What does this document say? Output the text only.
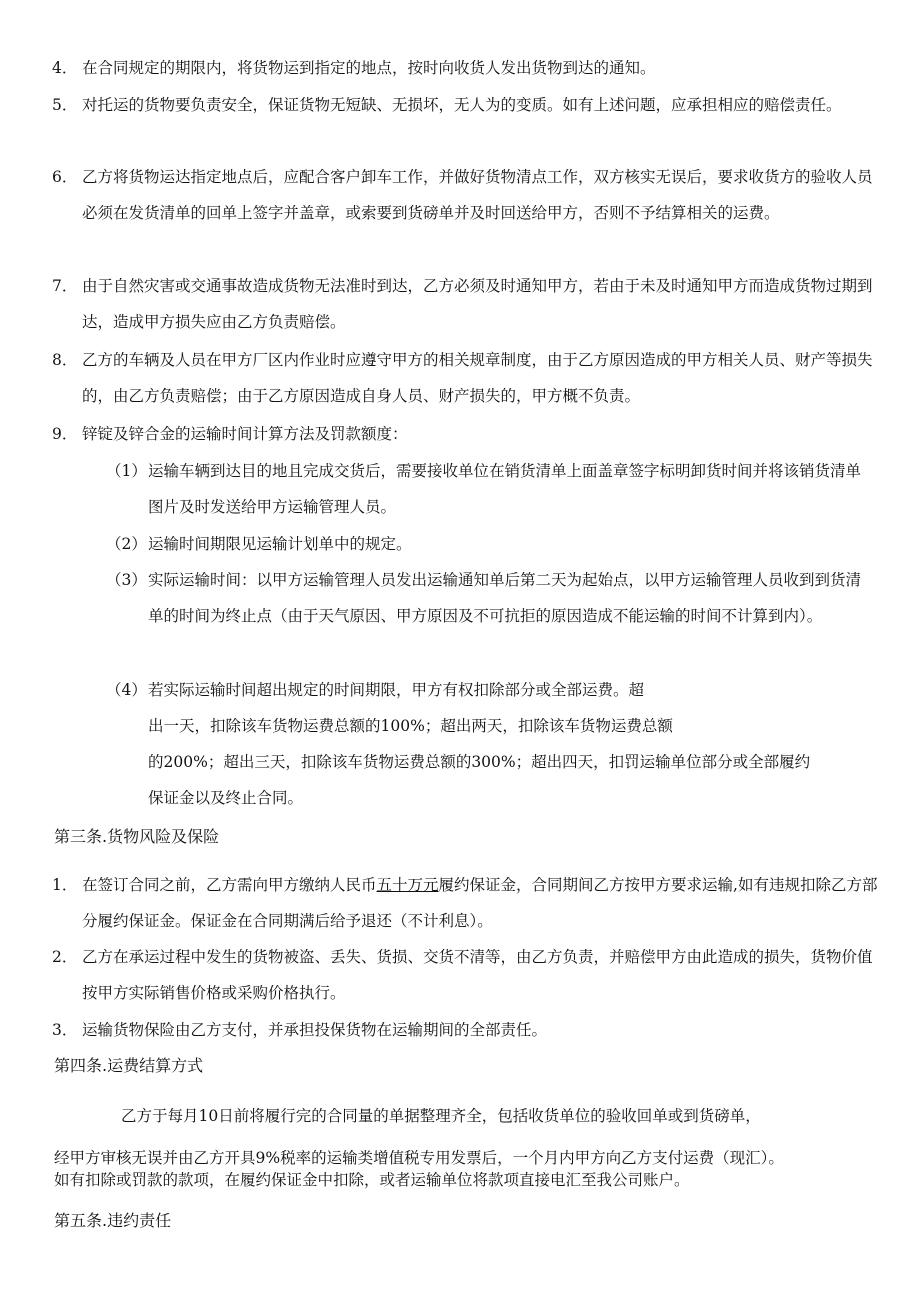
4． 在合同规定的期限内，将货物运到指定的地点，按时向收货人发出货物到达的通知。
5． 对托运的货物要负责安全，保证货物无短缺、无损坏，无人为的变质。如有上述问题，应承担相应的赔偿责任。
6． 乙方将货物运达指定地点后，应配合客户卸车工作，并做好货物清点工作，双方核实无误后，要求收货方的验收人员必须在发货清单的回单上签字并盖章，或索要到货磅单并及时回送给甲方，否则不予结算相关的运费。
7． 由于自然灾害或交通事故造成货物无法准时到达，乙方必须及时通知甲方，若由于未及时通知甲方而造成货物过期到达，造成甲方损失应由乙方负责赔偿。
8． 乙方的车辆及人员在甲方厂区内作业时应遵守甲方的相关规章制度，由于乙方原因造成的甲方相关人员、财产等损失的，由乙方负责赔偿；由于乙方原因造成自身人员、财产损失的，甲方概不负责。
9． 锌锭及锌合金的运输时间计算方法及罚款额度：
（1） 运输车辆到达目的地且完成交货后，需要接收单位在销货清单上面盖章签字标明卸货时间并将该销货清单图片及时发送给甲方运输管理人员。
（2） 运输时间期限见运输计划单中的规定。
（3） 实际运输时间：以甲方运输管理人员发出运输通知单后第二天为起始点，以甲方运输管理人员收到到货清单的时间为终止点（由于天气原因、甲方原因及不可抗拒的原因造成不能运输的时间不计算到内）。
（4） 若实际运输时间超出规定的时间期限，甲方有权扣除部分或全部运费。超
出一天，扣除该车货物运费总额的100%；超出两天，扣除该车货物运费总额
的200%；超出三天，扣除该车货物运费总额的300%；超出四天，扣罚运输单位部分或全部履约
保证金以及终止合同。
第三条.货物风险及保险
1． 在签订合同之前，乙方需向甲方缴纳人民币五十万元履约保证金，合同期间乙方按甲方要求运输,如有违规扣除乙方部分履约保证金。保证金在合同期满后给予退还（不计利息）。
2． 乙方在承运过程中发生的货物被盗、丢失、货损、交货不清等，由乙方负责，并赔偿甲方由此造成的损失，货物价值按甲方实际销售价格或采购价格执行。
3． 运输货物保险由乙方支付，并承担投保货物在运输期间的全部责任。
第四条.运费结算方式
乙方于每月10日前将履行完的合同量的单据整理齐全，包括收货单位的验收回单或到货磅单，
经甲方审核无误并由乙方开具9%税率的运输类增值税专用发票后，一个月内甲方向乙方支付运费（现汇）。
如有扣除或罚款的款项，在履约保证金中扣除，或者运输单位将款项直接电汇至我公司账户。
第五条.违约责任
